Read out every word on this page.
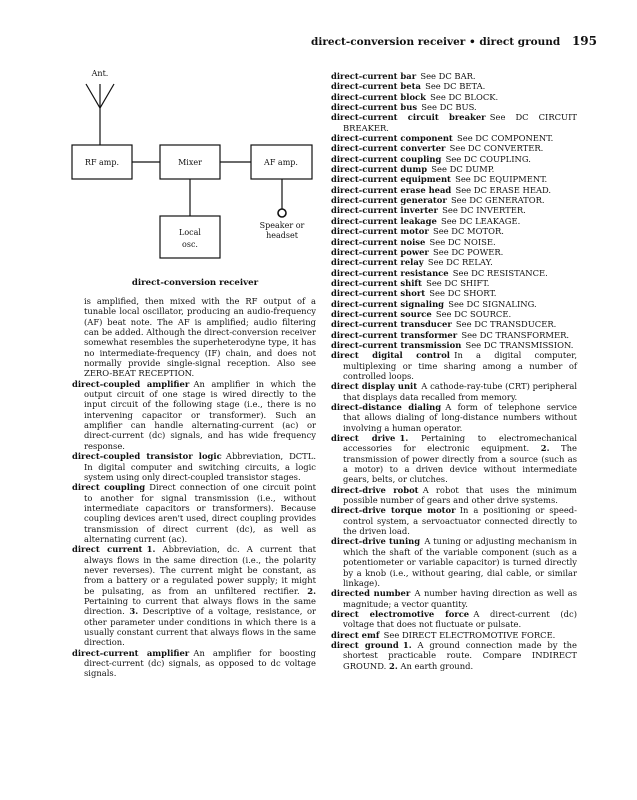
direct-conversion receiver • direct ground 195
Ant.
RF amp.	Mixer	AF amp.
Local
osc.
Speaker or
headset
direct-conversion receiver

is amplified, then mixed with the RF output of a tunable local oscillator, producing an audio-frequency (AF) beat note. The AF is amplified; audio filtering can be added. Although the direct-conversion receiver somewhat resembles the superheterodyne type, it has no intermediate-frequency (IF) chain, and does not normally provide single-signal reception. Also see ZERO-BEAT RECEPTION.

direct-coupled amplifier  An amplifier in which the output circuit of one stage is wired directly to the input circuit of the following stage (i.e., there is no intervening capacitor or transformer). Such an amplifier can handle alternating-current (ac) or direct-current (dc) signals, and has wide frequency response.

direct-coupled transistor logic  Abbreviation, DCTL. In digital computer and switching circuits, a logic system using only direct-coupled transistor stages.

direct coupling  Direct connection of one circuit point to another for signal transmission (i.e., without intermediate capacitors or transformers). Because coupling devices aren't used, direct coupling provides transmission of direct current (dc), as well as alternating current (ac).

direct current  1. Abbreviation, dc. A current that always flows in the same direction (i.e., the polarity never reverses). The current might be constant, as from a battery or a regulated power supply; it might be pulsating, as from an unfiltered rectifier. 2. Pertaining to current that always flows in the same direction. 3. Descriptive of a voltage, resistance, or other parameter under conditions in which there is a usually constant current that always flows in the same direction.

direct-current amplifier  An amplifier for boosting direct-current (dc) signals, as opposed to dc voltage signals.

direct-current bar  See DC BAR.

direct-current beta  See DC BETA.

direct-current block  See DC BLOCK.

direct-current bus  See DC BUS.

direct-current circuit breaker  See DC CIRCUIT BREAKER.

direct-current component  See DC COMPONENT.

direct-current converter  See DC CONVERTER.

direct-current coupling  See DC COUPLING.

direct-current dump  See DC DUMP.

direct-current equipment  See DC EQUIPMENT.

direct-current erase head  See DC ERASE HEAD.

direct-current generator  See DC GENERATOR.

direct-current inverter  See DC INVERTER.

direct-current leakage  See DC LEAKAGE.

direct-current motor  See DC MOTOR.

direct-current noise  See DC NOISE.

direct-current power  See DC POWER.

direct-current relay  See DC RELAY.

direct-current resistance  See DC RESISTANCE.

direct-current shift  See DC SHIFT.

direct-current short  See DC SHORT.

direct-current signaling  See DC SIGNALING.

direct-current source  See DC SOURCE.

direct-current transducer  See DC TRANSDUCER.

direct-current transformer  See DC TRANSFORMER.

direct-current transmission  See DC TRANSMISSION.

direct digital control  In a digital computer, multiplexing or time sharing among a number of controlled loops.

direct display unit  A cathode-ray-tube (CRT) peripheral that displays data recalled from memory.

direct-distance dialing  A form of telephone service that allows dialing of long-distance numbers without involving a human operator.

direct drive  1. Pertaining to electromechanical accessories for electronic equipment. 2. The transmission of power directly from a source (such as a motor) to a driven device without intermediate gears, belts, or clutches.

direct-drive robot  A robot that uses the minimum possible number of gears and other drive systems.

direct-drive torque motor  In a positioning or speed-control system, a servoactuator connected directly to the driven load.

direct-drive tuning  A tuning or adjusting mechanism in which the shaft of the variable component (such as a potentiometer or variable capacitor) is turned directly by a knob (i.e., without gearing, dial cable, or similar linkage).

directed number  A number having direction as well as magnitude; a vector quantity.

direct electromotive force  A direct-current (dc) voltage that does not fluctuate or pulsate.

direct emf  See DIRECT ELECTROMOTIVE FORCE.

direct ground  1. A ground connection made by the shortest practicable route. Compare INDIRECT GROUND. 2. An earth ground.
